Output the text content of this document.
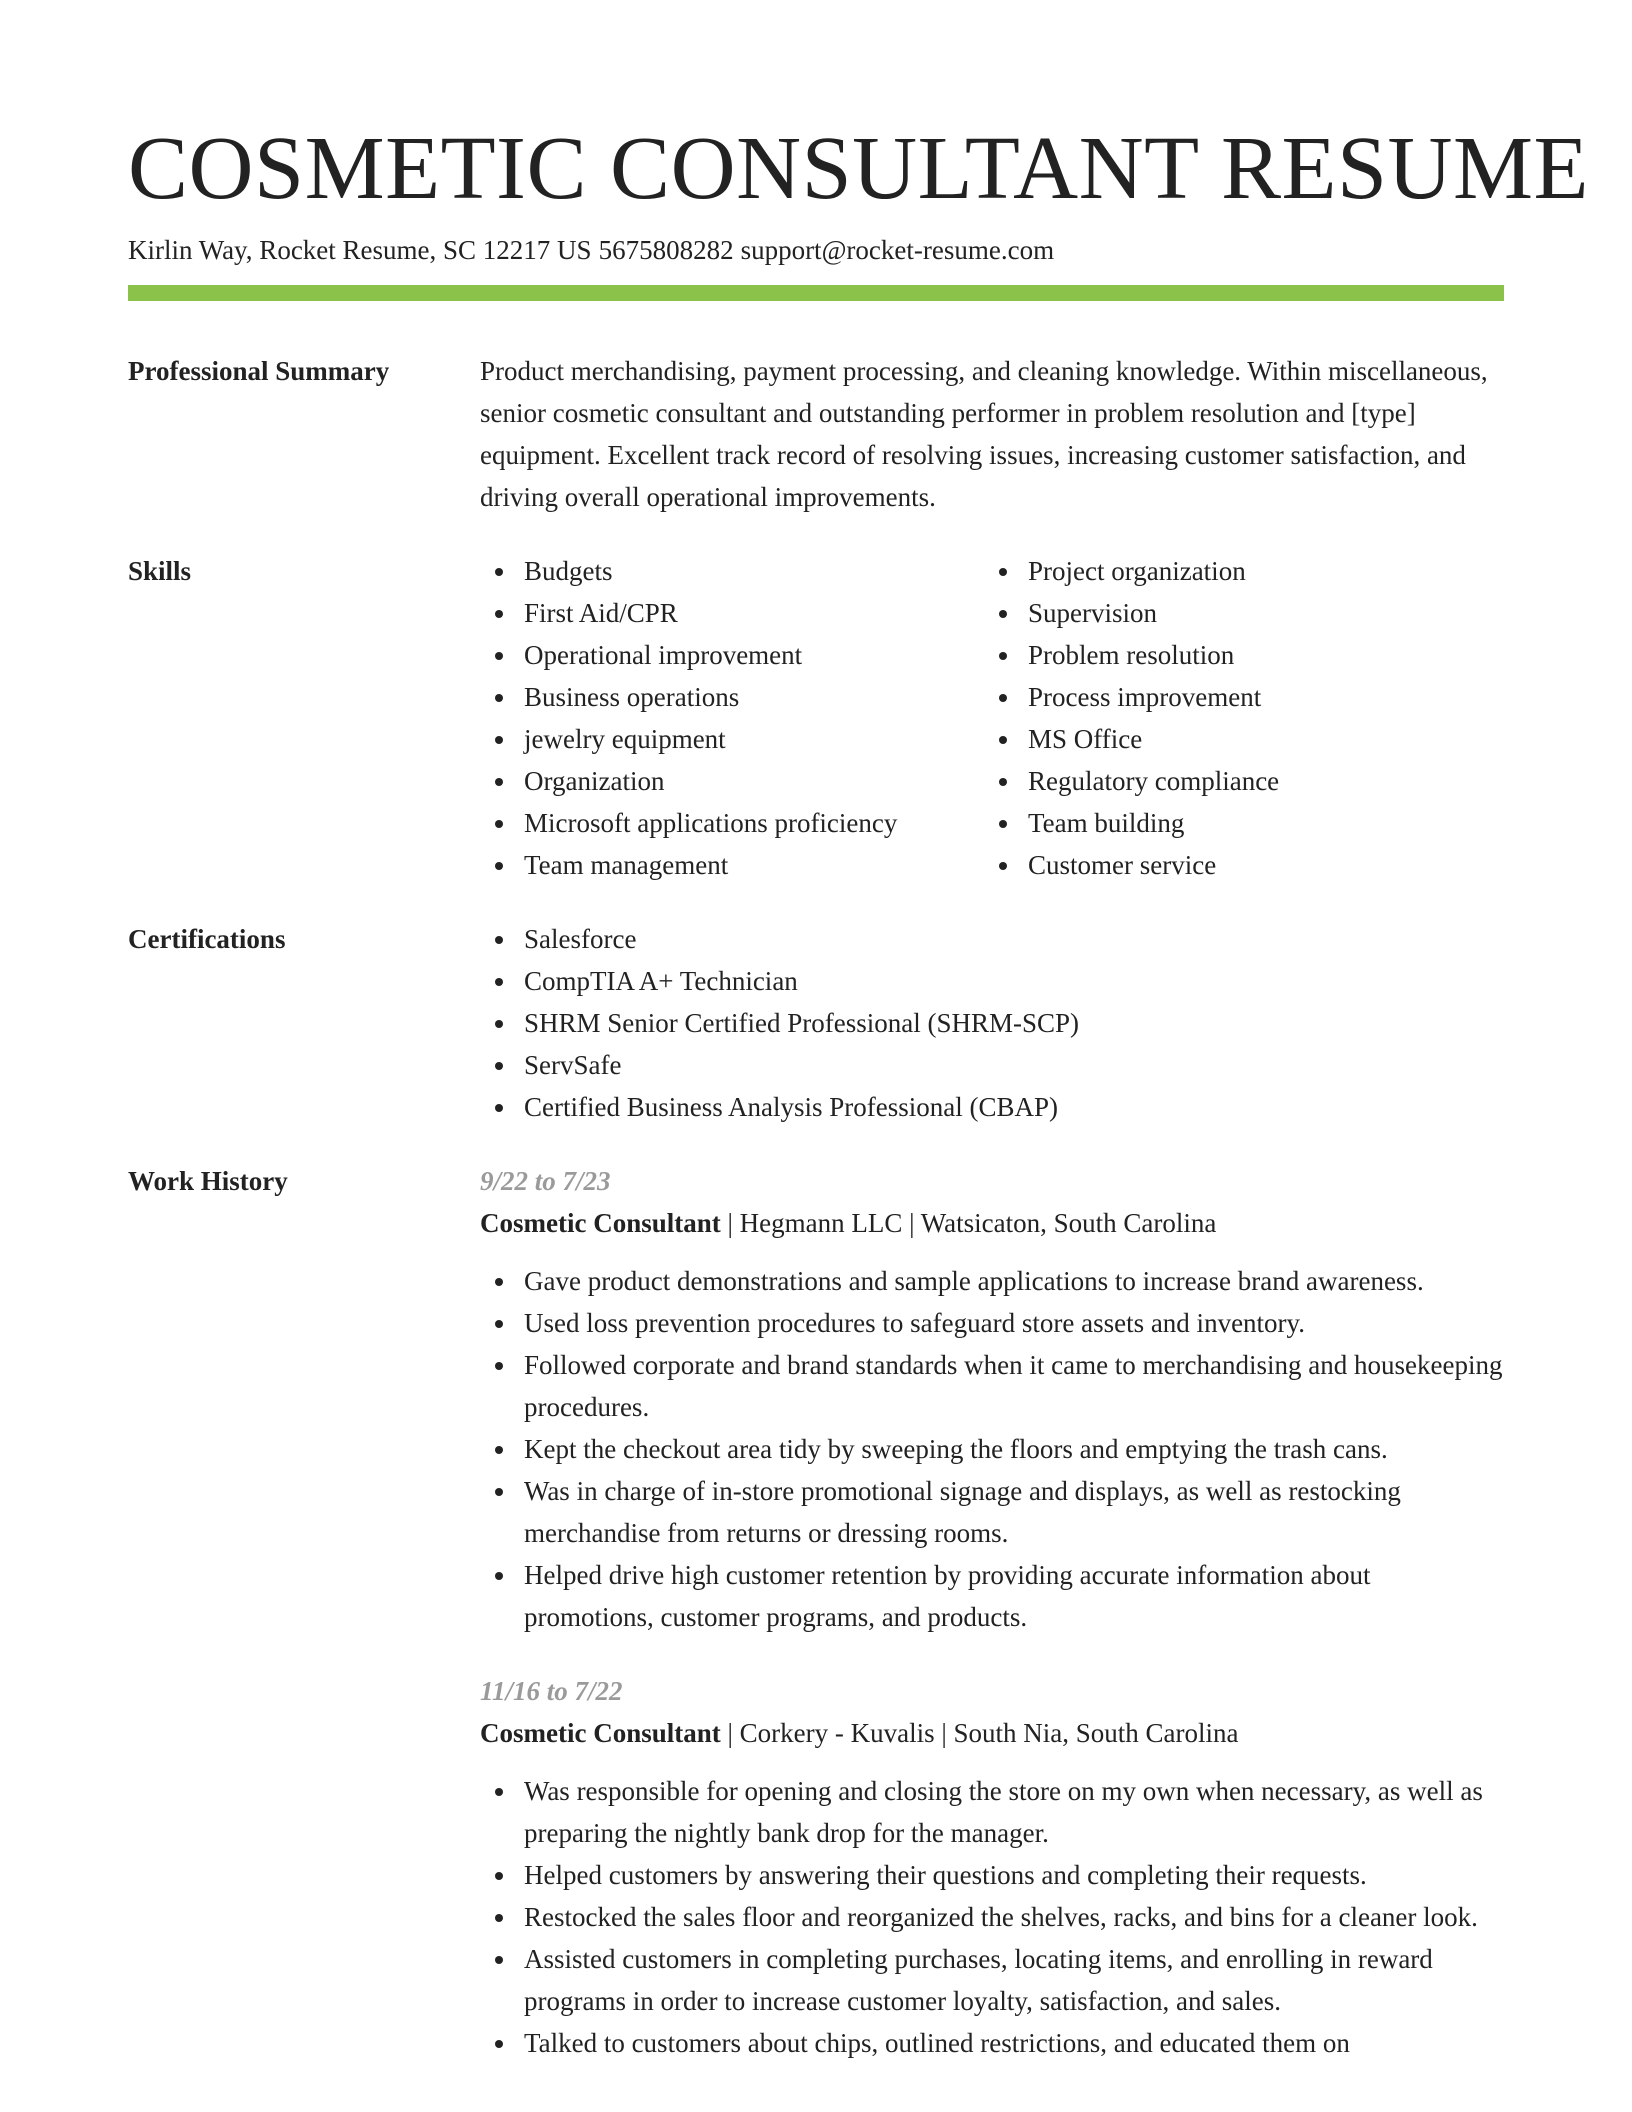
COSMETIC CONSULTANT RESUME
Kirlin Way, Rocket Resume, SC 12217 US 5675808282 support@rocket-resume.com
Professional Summary	Product merchandising, payment processing, and cleaning knowledge. Within miscellaneous, senior cosmetic consultant and outstanding performer in problem resolution and [type] equipment. Excellent track record of resolving issues, increasing customer satisfaction, and driving overall operational improvements.

Skills	Budgets
First Aid/CPR
Operational improvement
Business operations
jewelry equipment
Organization
Microsoft applications proficiency
Team management
Project organization
Supervision
Problem resolution
Process improvement
MS Office
Regulatory compliance
Team building
Customer service
Certifications	Salesforce
CompTIA A+ Technician
SHRM Senior Certified Professional (SHRM-SCP)
ServSafe
Certified Business Analysis Professional (CBAP)
Work History	9/22 to 7/23
Cosmetic Consultant | Hegmann LLC | Watsicaton, South Carolina
Gave product demonstrations and sample applications to increase brand awareness.
Used loss prevention procedures to safeguard store assets and inventory.
Followed corporate and brand standards when it came to merchandising and housekeeping procedures.
Kept the checkout area tidy by sweeping the floors and emptying the trash cans.
Was in charge of in-store promotional signage and displays, as well as restocking merchandise from returns or dressing rooms.
Helped drive high customer retention by providing accurate information about promotions, customer programs, and products.
11/16 to 7/22
Cosmetic Consultant | Corkery - Kuvalis | South Nia, South Carolina
Was responsible for opening and closing the store on my own when necessary, as well as preparing the nightly bank drop for the manager.
Helped customers by answering their questions and completing their requests.
Restocked the sales floor and reorganized the shelves, racks, and bins for a cleaner look.
Assisted customers in completing purchases, locating items, and enrolling in reward programs in order to increase customer loyalty, satisfaction, and sales.
Talked to customers about chips, outlined restrictions, and educated them on
